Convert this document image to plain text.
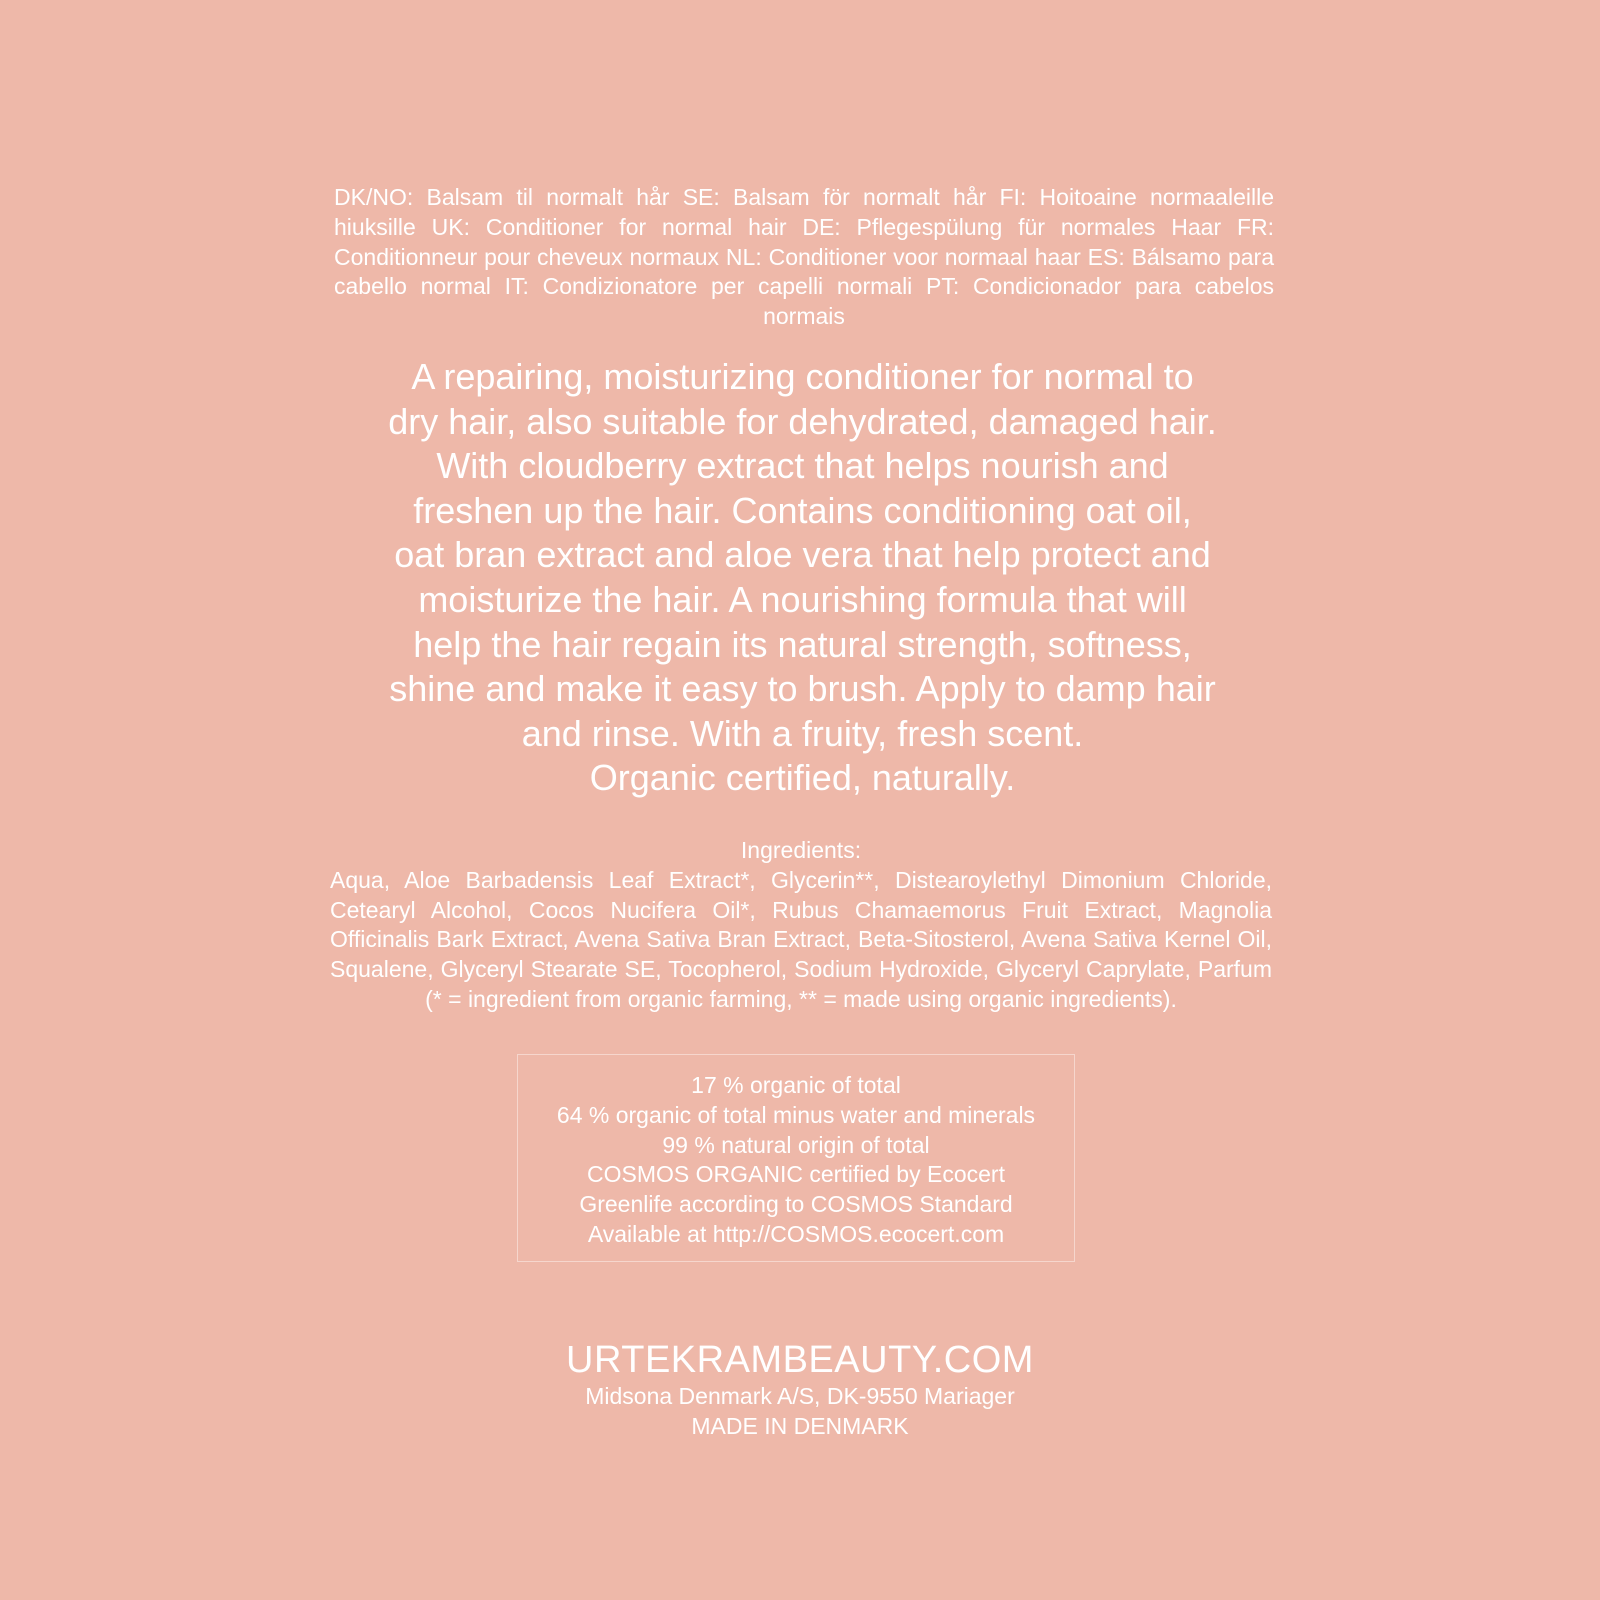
DK/NO: Balsam til normalt hår SE: Balsam för normalt hår FI: Hoitoaine normaaleille hiuksille UK: Conditioner for normal hair DE: Pflegespülung für normales Haar FR: Conditionneur pour cheveux normaux NL: Conditioner voor normaal haar ES: Bálsamo para cabello normal IT: Condizionatore per capelli normali PT: Condicionador para cabelos normais

A repairing, moisturizing conditioner for normal to
dry hair, also suitable for dehydrated, damaged hair.
With cloudberry extract that helps nourish and
freshen up the hair. Contains conditioning oat oil,
oat bran extract and aloe vera that help protect and
moisturize the hair. A nourishing formula that will
help the hair regain its natural strength, softness,
shine and make it easy to brush. Apply to damp hair
and rinse. With a fruity, fresh scent.
Organic certified, naturally.
Ingredients:
Aqua, Aloe Barbadensis Leaf Extract*, Glycerin**, Distearoylethyl Dimonium Chloride, Cetearyl Alcohol, Cocos Nucifera Oil*, Rubus Chamaemorus Fruit Extract, Magnolia Officinalis Bark Extract, Avena Sativa Bran Extract, Beta-Sitosterol, Avena Sativa Kernel Oil, Squalene, Glyceryl Stearate SE, Tocopherol, Sodium Hydroxide, Glyceryl Caprylate, Parfum (* = ingredient from organic farming, ** = made using organic ingredients).
17 % organic of total
64 % organic of total minus water and minerals
99 % natural origin of total
COSMOS ORGANIC certified by Ecocert
Greenlife according to COSMOS Standard
Available at http://COSMOS.ecocert.com
URTEKRAMBEAUTY.COM
Midsona Denmark A/S, DK-9550 Mariager
MADE IN DENMARK
